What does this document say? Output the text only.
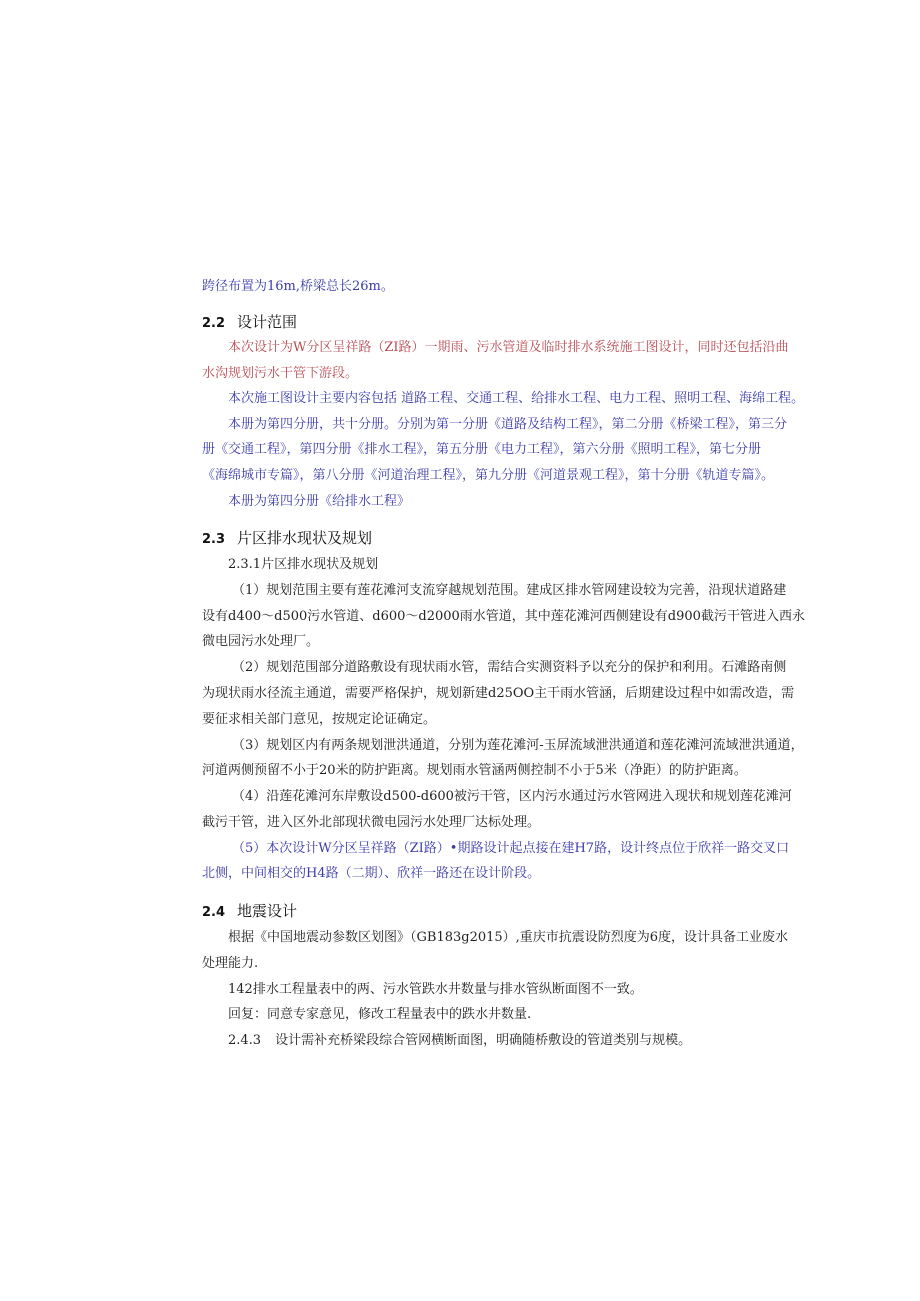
跨径布置为16m,桥梁总长26m。
2.2 设计范围
本次设计为W分区呈祥路（ZI路）一期雨、污水管道及临时排水系统施工图设计，同时还包括沿曲
水沟规划污水干管下游段。
本次施工图设计主要内容包括 道路工程、交通工程、给排水工程、电力工程、照明工程、海绵工程。
本册为第四分册，共十分册。分别为第一分册《道路及结构工程》，第二分册《桥梁工程》，第三分
册《交通工程》，第四分册《排水工程》，第五分册《电力工程》，第六分册《照明工程》，第七分册
《海绵城市专篇》，第八分册《河道治理工程》，第九分册《河道景观工程》，第十分册《轨道专篇》。
本册为第四分册《给排水工程》
2.3 片区排水现状及规划
2.3.1片区排水现状及规划
（1）规划范围主要有莲花滩河支流穿越规划范围。建成区排水管网建设较为完善，沿现状道路建
设有d400～d500污水管道、d600～d2000雨水管道，其中莲花滩河西侧建设有d900截污干管进入西永
微电园污水处理厂。
（2）规划范围部分道路敷设有现状雨水管，需结合实测资料予以充分的保护和利用。石滩路南侧
为现状雨水径流主通道，需要严格保护，规划新建d25OO主干雨水管涵，后期建设过程中如需改造，需
要征求相关部门意见，按规定论证确定。
（3）规划区内有两条规划泄洪通道，分别为莲花滩河-玉屏流域泄洪通道和莲花滩河流域泄洪通道，
河道两侧预留不小于20米的防护距离。规划雨水管涵两侧控制不小于5米（净距）的防护距离。
（4）沿莲花滩河东岸敷设d500-d600被污干管，区内污水通过污水管网进入现状和规划莲花滩河
截污干管，进入区外北部现状微电园污水处理厂达标处理。
（5）本次设计W分区呈祥路（ZI路）•期路设计起点接在建H7路，设计终点位于欣祥一路交叉口
北侧，中间相交的H4路（二期）、欣祥一路还在设计阶段。
2.4 地震设计
根据《中国地震动参数区划图》（GB183g2015）,重庆市抗震设防烈度为6度，设计具备工业废水
处理能力.
142排水工程量表中的两、污水管跌水井数量与排水管纵断面图不一致。
回复：同意专家意见，修改工程量表中的跌水井数量.
2.4.3 设计需补充桥梁段综合管网横断面图，明确随桥敷设的管道类别与规模。
